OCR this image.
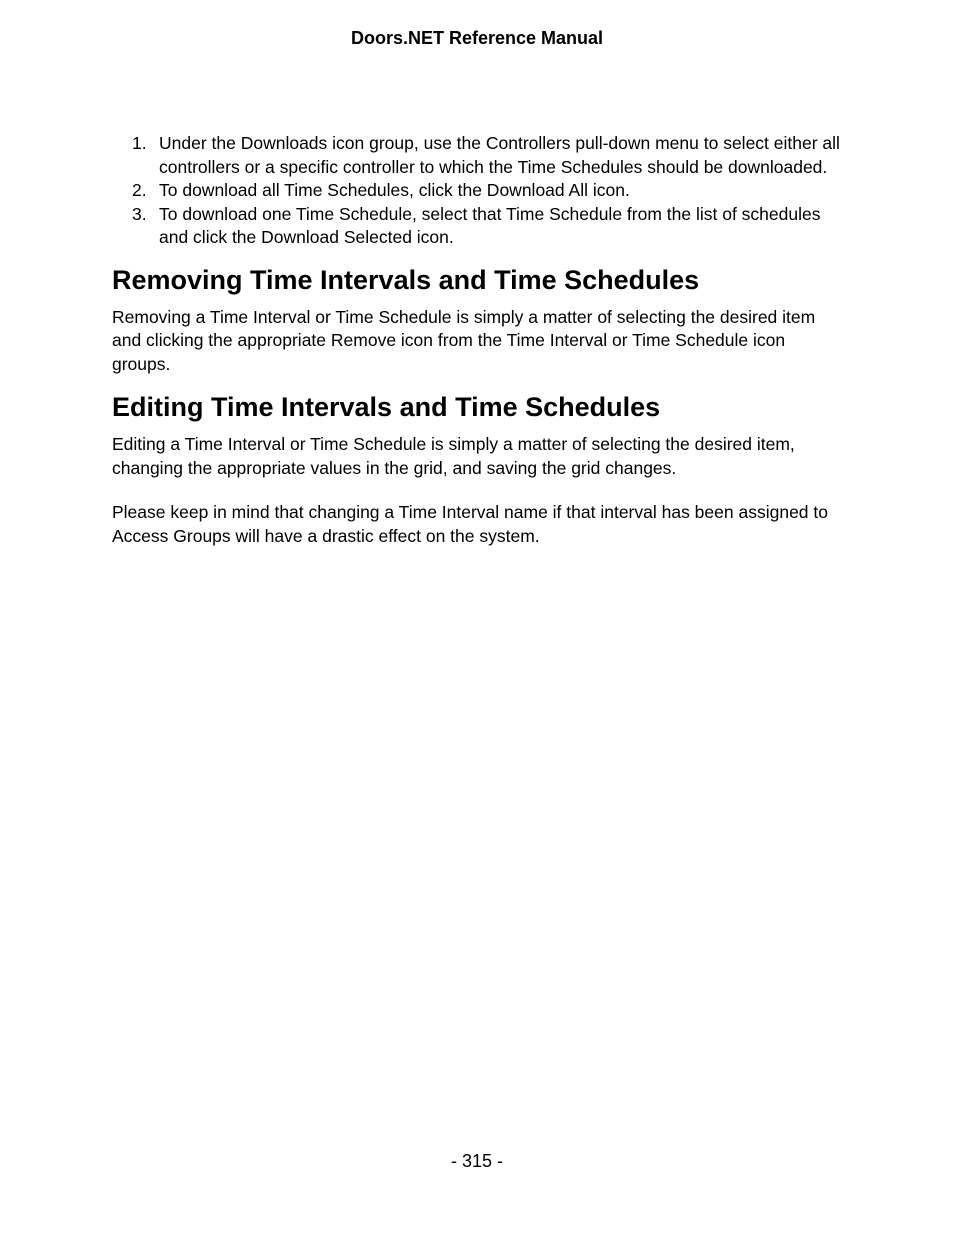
Doors.NET Reference Manual
1. Under the Downloads icon group, use the Controllers pull-down menu to select either all controllers or a specific controller to which the Time Schedules should be downloaded.
2. To download all Time Schedules, click the Download All icon.
3. To download one Time Schedule, select that Time Schedule from the list of schedules and click the Download Selected icon.
Removing Time Intervals and Time Schedules

Removing a Time Interval or Time Schedule is simply a matter of selecting the desired item and clicking the appropriate Remove icon from the Time Interval or Time Schedule icon groups.

Editing Time Intervals and Time Schedules

Editing a Time Interval or Time Schedule is simply a matter of selecting the desired item, changing the appropriate values in the grid, and saving the grid changes.

Please keep in mind that changing a Time Interval name if that interval has been assigned to Access Groups will have a drastic effect on the system.

- 315 -
